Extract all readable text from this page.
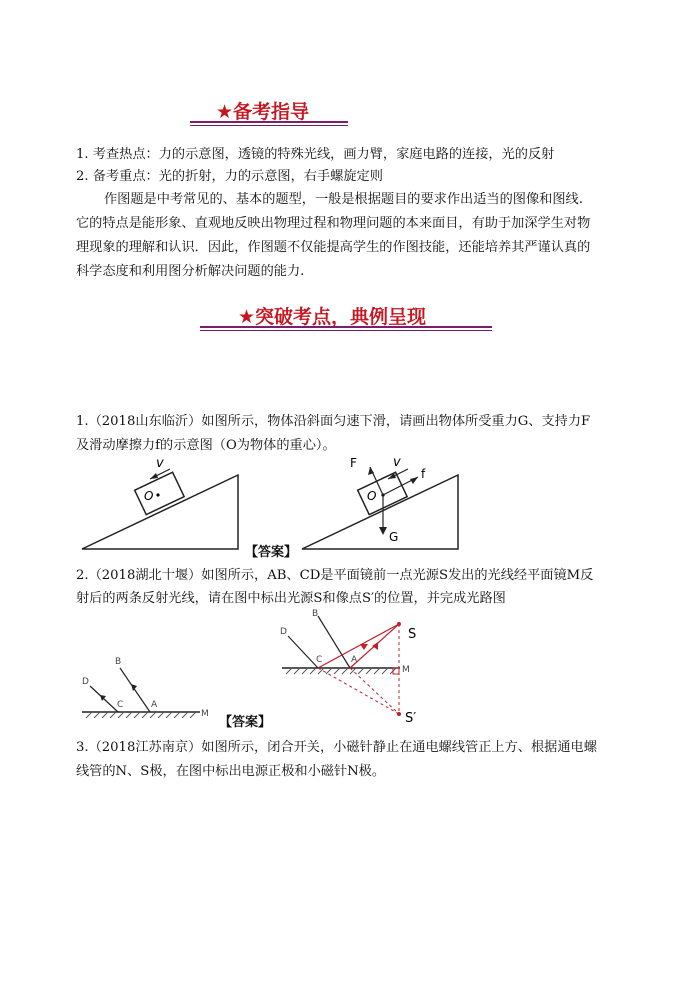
★备考指导
1. 考查热点：力的示意图，透镜的特殊光线，画力臂，家庭电路的连接，光的反射
2. 备考重点：光的折射，力的示意图，右手螺旋定则
作图题是中考常见的、基本的题型，一般是根据题目的要求作出适当的图像和图线.
它的特点是能形象、直观地反映出物理过程和物理问题的本来面目，有助于加深学生对物
理现象的理解和认识．因此，作图题不仅能提高学生的作图技能，还能培养其严谨认真的
科学态度和利用图分析解决问题的能力.
★突破考点，典例呈现
1.（2018山东临沂）如图所示，物体沿斜面匀速下滑，请画出物体所受重力G、支持力F
及滑动摩擦力f的示意图（O为物体的重心）。
O
v
O
F
f
G
v
【答案】
2.（2018湖北十堰）如图所示，AB、CD是平面镜前一点光源S发出的光线经平面镜M反
射后的两条反射光线，请在图中标出光源S和像点S′的位置，并完成光路图
D
B
C	A
M
D
B
C	A
M
S
S′
【答案】
3.（2018江苏南京）如图所示，闭合开关，小磁针静止在通电螺线管正上方、根据通电螺
线管的N、S极，在图中标出电源正极和小磁针N极。
